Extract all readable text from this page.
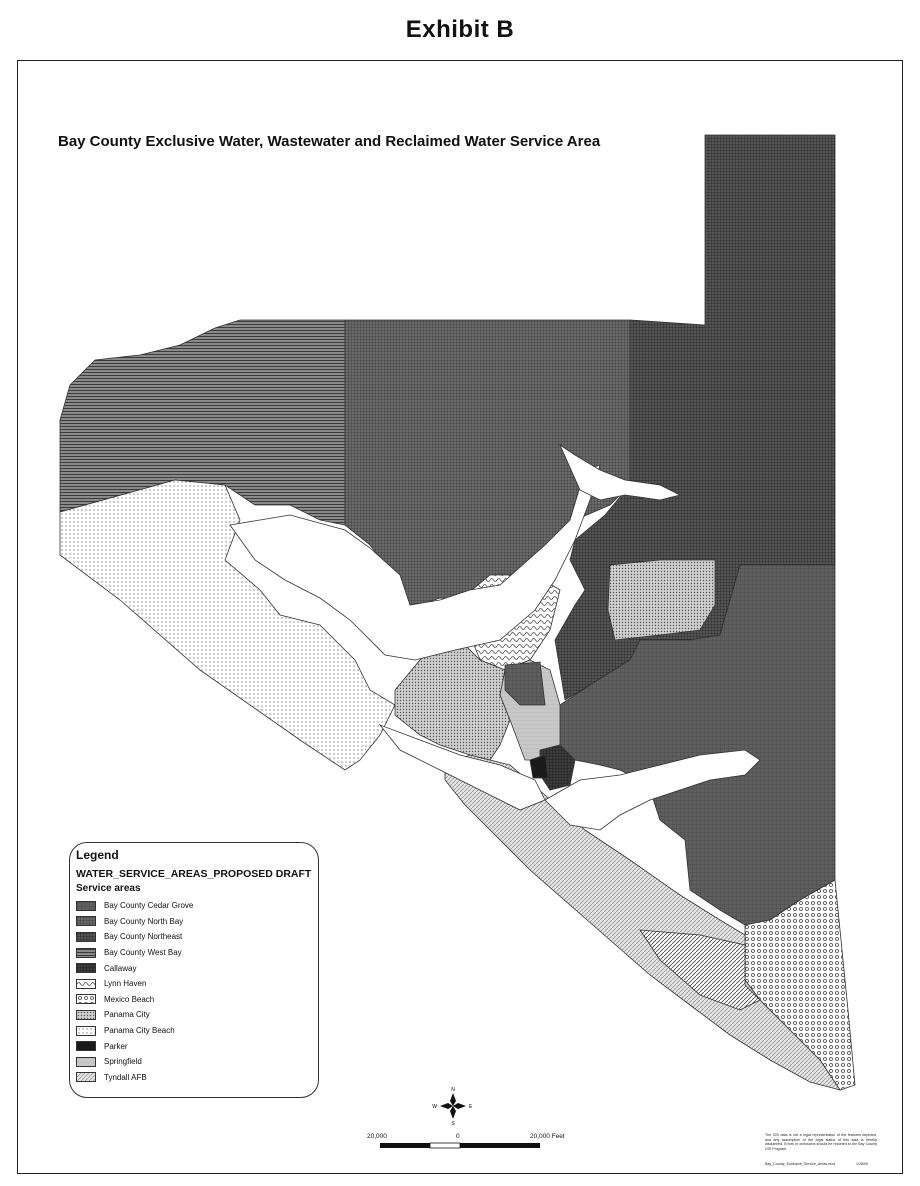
Exhibit B
N
S
W	E
Bay County Exclusive Water, Wastewater and Reclaimed Water Service Area
Legend
WATER_SERVICE_AREAS_PROPOSED DRAFT
Service areas
Bay County Cedar Grove
Bay County North Bay
Bay County Northeast
Bay County West Bay
Callaway
Lynn Haven
Mexico Beach
Panama City
Panama City Beach
Parker
Springfield
Tyndall AFB
20,000	0	20,000 Feet	The GIS data is not a legal representation of the features depicted, and any assumption of the legal status of this data is hereby disclaimed. Errors or omissions should be reported to the Bay County GIS Program.
Bay_County_Exclusive_Service_Areas.mxd	1/26/09
